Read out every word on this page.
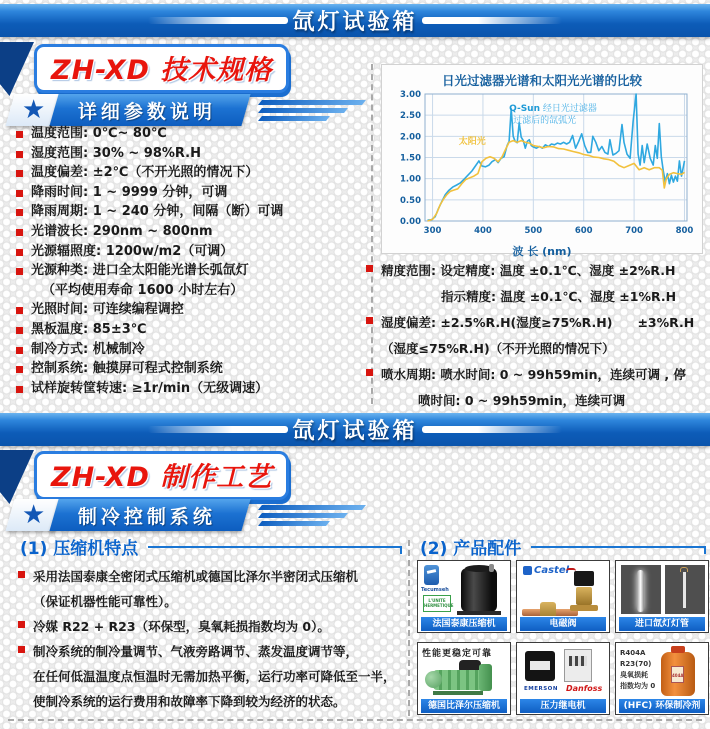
氙灯试验箱
ZH-XD 技术规格
★ 详细参数说明
温度范围: 0℃~ 80℃
湿度范围: 30% ~ 98%R.H
温度偏差: ±2℃（不开光照的情况下）
降雨时间: 1 ~ 9999 分钟，可调
降雨周期: 1 ~ 240 分钟，间隔（断）可调
光谱波长: 290nm ~ 800nm
光源辐照度: 1200w/m2（可调）
光源种类: 进口全太阳能光谱长弧氙灯
（平均使用寿命 1600 小时左右）
光照时间: 可连续编程调控
黑板温度: 85±3℃
制冷方式: 机械制冷
控制系统: 触摸屏可程式控制系统
试样旋转筐转速: ≥1r/min（无级调速）
日光过滤器光谱和太阳光光谱的比较
0.00
0.50
1.00
1.50
2.00
2.50
3.00
300	400	500	600	700	800
Q-Sun 经日光过滤器
过滤后的氙弧光
太阳光
波 长 (nm)
精度范围: 设定精度: 温度 ±0.1℃、湿度 ±2%R.H
指示精度: 温度 ±0.1℃、湿度 ±1%R.H
湿度偏差: ±2.5%R.H(湿度≥75%R.H)　　±3%R.H
（湿度≤75%R.H)（不开光照的情况下）
喷水周期: 喷水时间: 0 ~ 99h59min，连续可调 , 停
喷时间: 0 ~ 99h59min，连续可调
氙灯试验箱
ZH-XD 制作工艺
★ 制冷控制系统
(1) 压缩机特点	(2) 产品配件
采用法国泰康全密闭式压缩机或德国比泽尔半密闭式压缩机
（保证机器性能可靠性）。
冷媒 R22 + R23（环保型，臭氧耗损指数均为 0）。
制冷系统的制冷量调节、气液旁路调节、蒸发温度调节等，
在任何低温温度点恒温时无需加热平衡，运行功率可降低至一半，
使制冷系统的运行费用和故障率下降到较为经济的状态。
Tecumseh
L'UNITE HERMETIQUE
法国泰康压缩机
Castel
电磁阀	进口氙灯灯管
性能更稳定可靠
德国比泽尔压缩机
EMERSON Danfoss
压力继电机
R404A
R23(70)
臭氧损耗
指数均为 0
404A
(HFC) 环保制冷剂
